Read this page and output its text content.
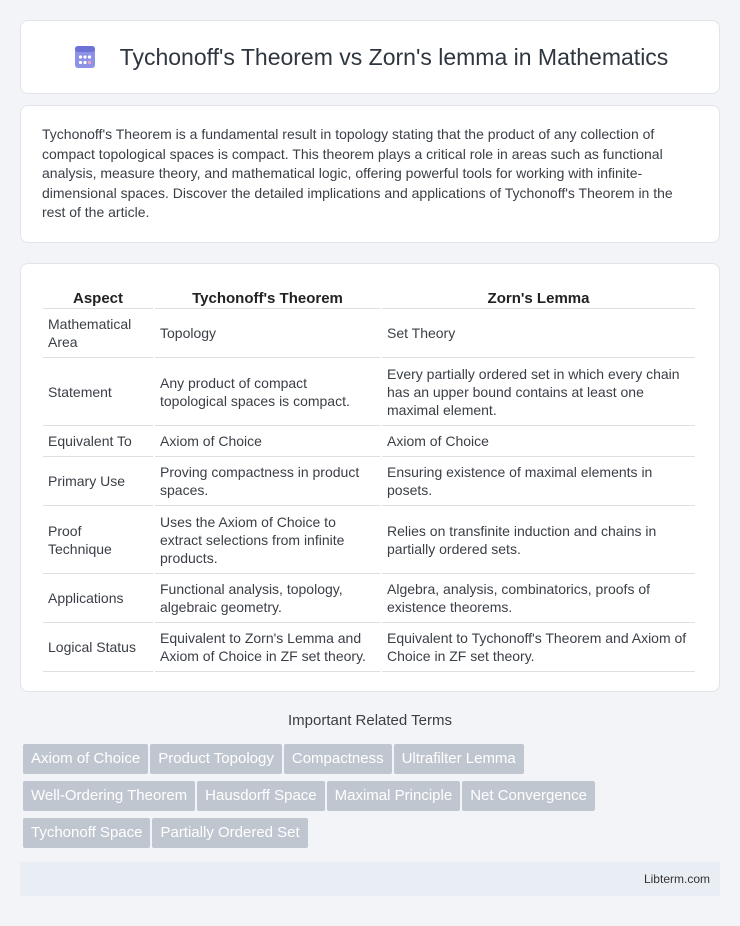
Tychonoff's Theorem vs Zorn's lemma in Mathematics

Tychonoff's Theorem is a fundamental result in topology stating that the product of any collection of compact topological spaces is compact. This theorem plays a critical role in areas such as functional analysis, measure theory, and mathematical logic, offering powerful tools for working with infinite-dimensional spaces. Discover the detailed implications and applications of Tychonoff's Theorem in the rest of the article.

Aspect	Tychonoff's Theorem	Zorn's Lemma
Mathematical Area	Topology	Set Theory
Statement	Any product of compact topological spaces is compact.	Every partially ordered set in which every chain has an upper bound contains at least one maximal element.
Equivalent To	Axiom of Choice	Axiom of Choice
Primary Use	Proving compactness in product spaces.	Ensuring existence of maximal elements in posets.
Proof Technique	Uses the Axiom of Choice to extract selections from infinite products.	Relies on transfinite induction and chains in partially ordered sets.
Applications	Functional analysis, topology, algebraic geometry.	Algebra, analysis, combinatorics, proofs of existence theorems.
Logical Status	Equivalent to Zorn's Lemma and Axiom of Choice in ZF set theory.	Equivalent to Tychonoff's Theorem and Axiom of Choice in ZF set theory.
Important Related Terms
Axiom of Choice Product Topology Compactness Ultrafilter Lemma
Well-Ordering Theorem Hausdorff Space Maximal Principle Net Convergence
Tychonoff Space Partially Ordered Set
Libterm.com
